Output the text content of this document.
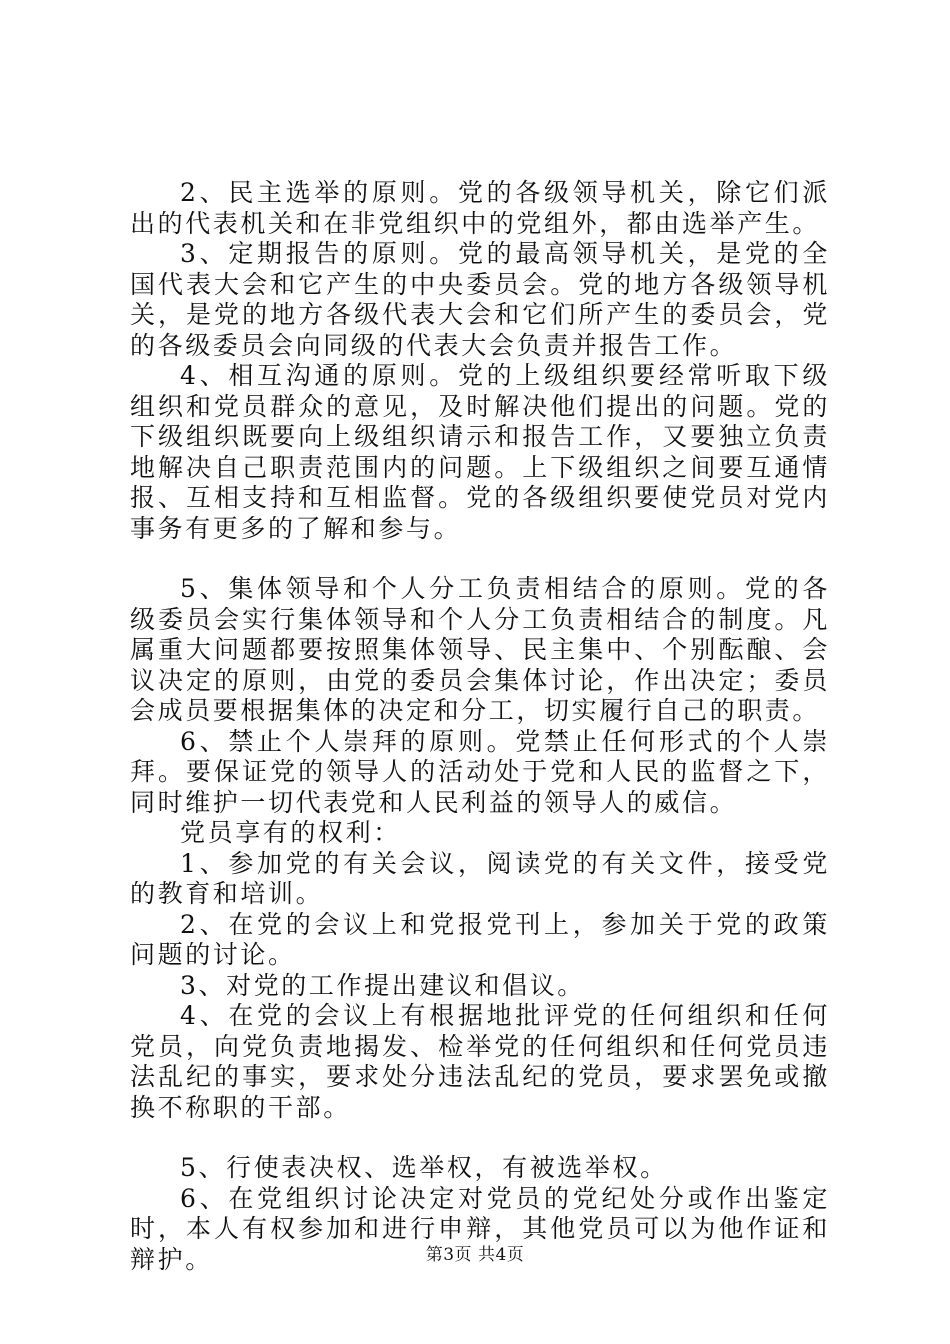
2、民主选举的原则。党的各级领导机关，除它们派出的代表机关和在非党组织中的党组外，都由选举产生。

3、定期报告的原则。党的最高领导机关，是党的全国代表大会和它产生的中央委员会。党的地方各级领导机关，是党的地方各级代表大会和它们所产生的委员会，党的各级委员会向同级的代表大会负责并报告工作。

4、相互沟通的原则。党的上级组织要经常听取下级组织和党员群众的意见，及时解决他们提出的问题。党的下级组织既要向上级组织请示和报告工作，又要独立负责地解决自己职责范围内的问题。上下级组织之间要互通情报、互相支持和互相监督。党的各级组织要使党员对党内事务有更多的了解和参与。

5、集体领导和个人分工负责相结合的原则。党的各级委员会实行集体领导和个人分工负责相结合的制度。凡属重大问题都要按照集体领导、民主集中、个别酝酿、会议决定的原则，由党的委员会集体讨论，作出决定；委员会成员要根据集体的决定和分工，切实履行自己的职责。

6、禁止个人崇拜的原则。党禁止任何形式的个人崇拜。要保证党的领导人的活动处于党和人民的监督之下，同时维护一切代表党和人民利益的领导人的威信。

党员享有的权利：

1、参加党的有关会议，阅读党的有关文件，接受党的教育和培训。

2、在党的会议上和党报党刊上，参加关于党的政策问题的讨论。

3、对党的工作提出建议和倡议。

4、在党的会议上有根据地批评党的任何组织和任何党员，向党负责地揭发、检举党的任何组织和任何党员违法乱纪的事实，要求处分违法乱纪的党员，要求罢免或撤换不称职的干部。

5、行使表决权、选举权，有被选举权。

6、在党组织讨论决定对党员的党纪处分或作出鉴定时，本人有权参加和进行申辩，其他党员可以为他作证和辩护。	第3页 共4页
